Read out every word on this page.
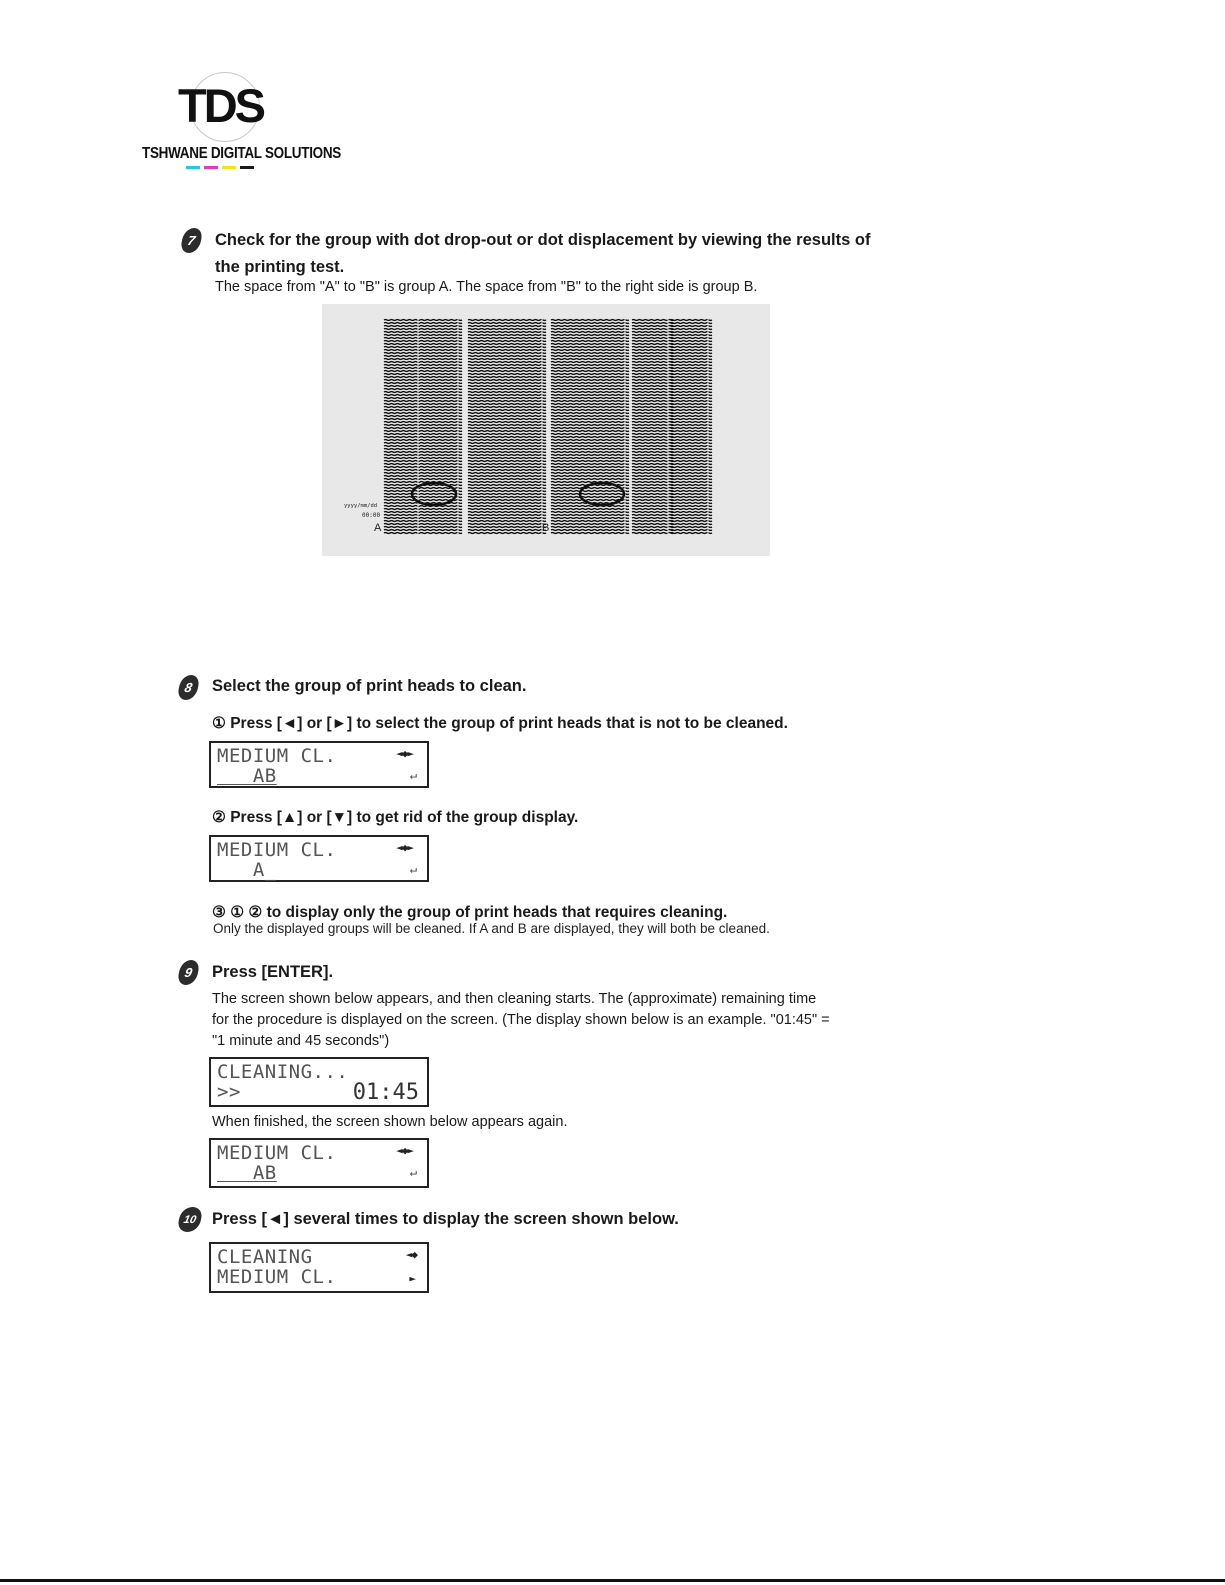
TDS
TSHWANE DIGITAL SOLUTIONS
7	Check for the group with dot drop-out or dot displacement by viewing the results of
the printing test.
The space from "A" to "B" is group A. The space from "B" to the right side is group B.
yyyy/mm/dd
00:00
A	B
8	Select the group of print heads to clean.
① Press [◄] or [►] to select the group of print heads that is not to be cleaned.
MEDIUM CL.
AB
◄◆►
↵
② Press [▲] or [▼] to get rid of the group display.
MEDIUM CL.
A_
◄◆►
↵
③ ① ② to display only the group of print heads that requires cleaning.
Only the displayed groups will be cleaned. If A and B are displayed, they will both be cleaned.
9	Press [ENTER].
The screen shown below appears, and then cleaning starts. The (approximate) remaining time
for the procedure is displayed on the screen. (The display shown below is an example. "01:45" =
"1 minute and 45 seconds")
CLEANING...
>>	01:45
When finished, the screen shown below appears again.
MEDIUM CL.
AB
◄◆►
↵
10 Press [◄] several times to display the screen shown below.
CLEANING
MEDIUM CL.
◄◆
►
